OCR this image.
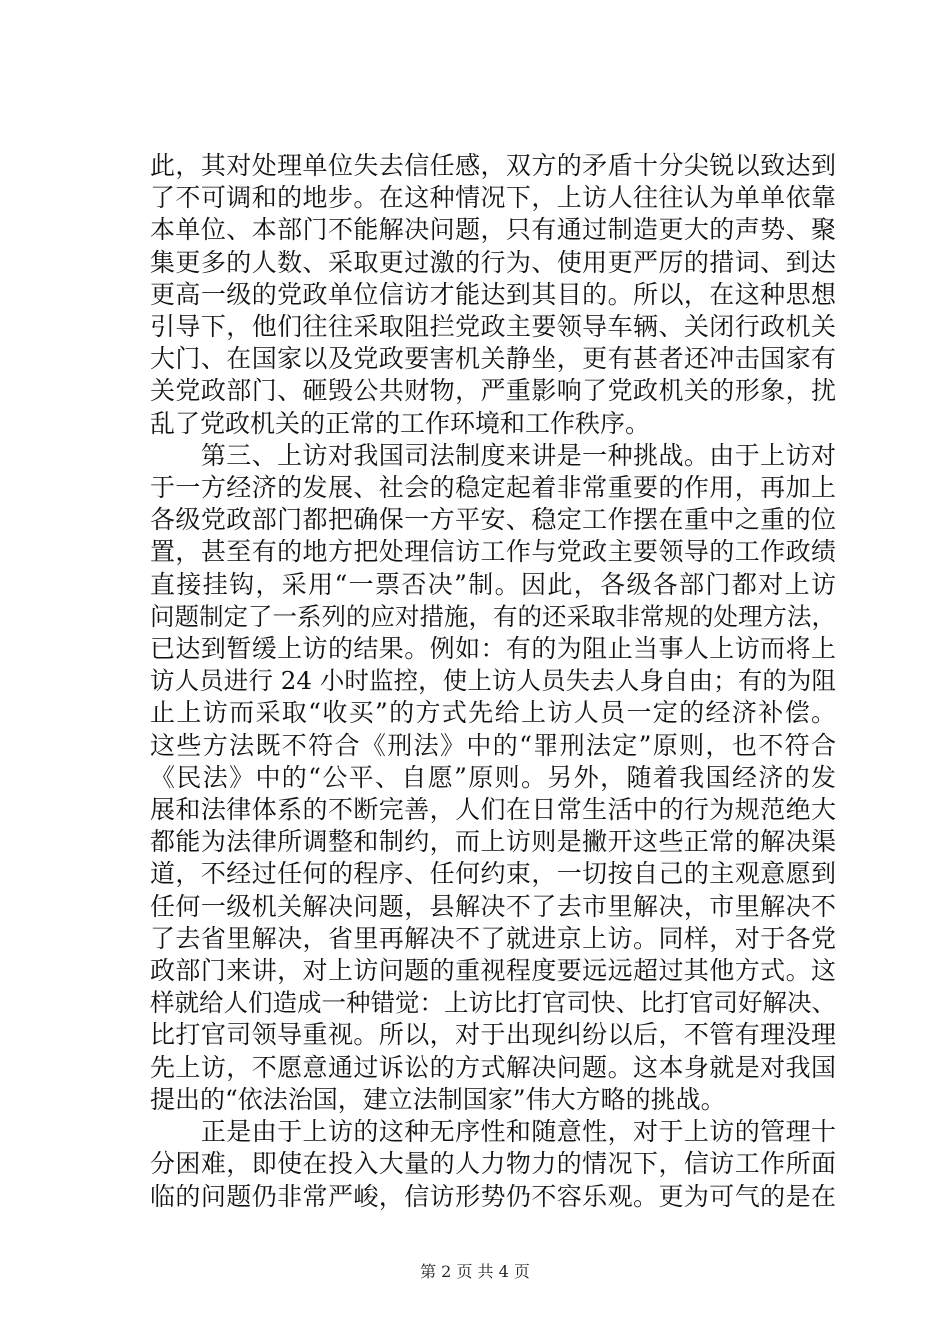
此，其对处理单位失去信任感，双方的矛盾十分尖锐以致达到
了不可调和的地步。在这种情况下，上访人往往认为单单依靠
本单位、本部门不能解决问题，只有通过制造更大的声势、聚
集更多的人数、采取更过激的行为、使用更严厉的措词、到达
更高一级的党政单位信访才能达到其目的。所以，在这种思想
引导下，他们往往采取阻拦党政主要领导车辆、关闭行政机关
大门、在国家以及党政要害机关静坐，更有甚者还冲击国家有
关党政部门、砸毁公共财物，严重影响了党政机关的形象，扰
乱了党政机关的正常的工作环境和工作秩序。
　　第三、上访对我国司法制度来讲是一种挑战。由于上访对
于一方经济的发展、社会的稳定起着非常重要的作用，再加上
各级党政部门都把确保一方平安、稳定工作摆在重中之重的位
置，甚至有的地方把处理信访工作与党政主要领导的工作政绩
直接挂钩，采用“一票否决”制。因此，各级各部门都对上访
问题制定了一系列的应对措施，有的还采取非常规的处理方法，
已达到暂缓上访的结果。例如：有的为阻止当事人上访而将上
访人员进行 24 小时监控，使上访人员失去人身自由；有的为阻
止上访而采取“收买”的方式先给上访人员一定的经济补偿。
这些方法既不符合《刑法》中的“罪刑法定”原则，也不符合
《民法》中的“公平、自愿”原则。另外，随着我国经济的发
展和法律体系的不断完善，人们在日常生活中的行为规范绝大
都能为法律所调整和制约，而上访则是撇开这些正常的解决渠
道，不经过任何的程序、任何约束，一切按自己的主观意愿到
任何一级机关解决问题，县解决不了去市里解决，市里解决不
了去省里解决，省里再解决不了就进京上访。同样，对于各党
政部门来讲，对上访问题的重视程度要远远超过其他方式。这
样就给人们造成一种错觉：上访比打官司快、比打官司好解决、
比打官司领导重视。所以，对于出现纠纷以后，不管有理没理
先上访，不愿意通过诉讼的方式解决问题。这本身就是对我国
提出的“依法治国，建立法制国家”伟大方略的挑战。
　　正是由于上访的这种无序性和随意性，对于上访的管理十
分困难，即使在投入大量的人力物力的情况下，信访工作所面
临的问题仍非常严峻，信访形势仍不容乐观。更为可气的是在
第 2 页 共 4 页
